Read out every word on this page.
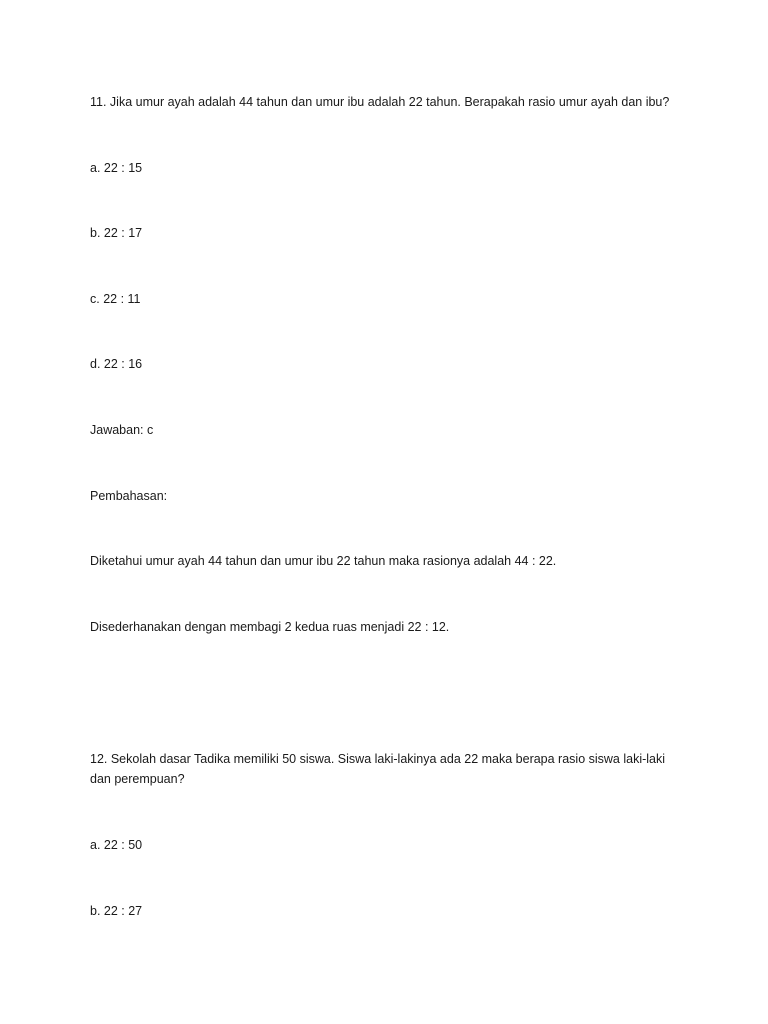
11. Jika umur ayah adalah 44 tahun dan umur ibu adalah 22 tahun. Berapakah rasio umur ayah dan ibu?
a. 22 : 15
b. 22 : 17
c. 22 : 11
d. 22 : 16
Jawaban: c
Pembahasan:
Diketahui umur ayah 44 tahun dan umur ibu 22 tahun maka rasionya adalah 44 : 22.
Disederhanakan dengan membagi 2 kedua ruas menjadi 22 : 12.
12. Sekolah dasar Tadika memiliki 50 siswa. Siswa laki-lakinya ada 22 maka berapa rasio siswa laki-laki dan perempuan?
a. 22 : 50
b. 22 : 27
